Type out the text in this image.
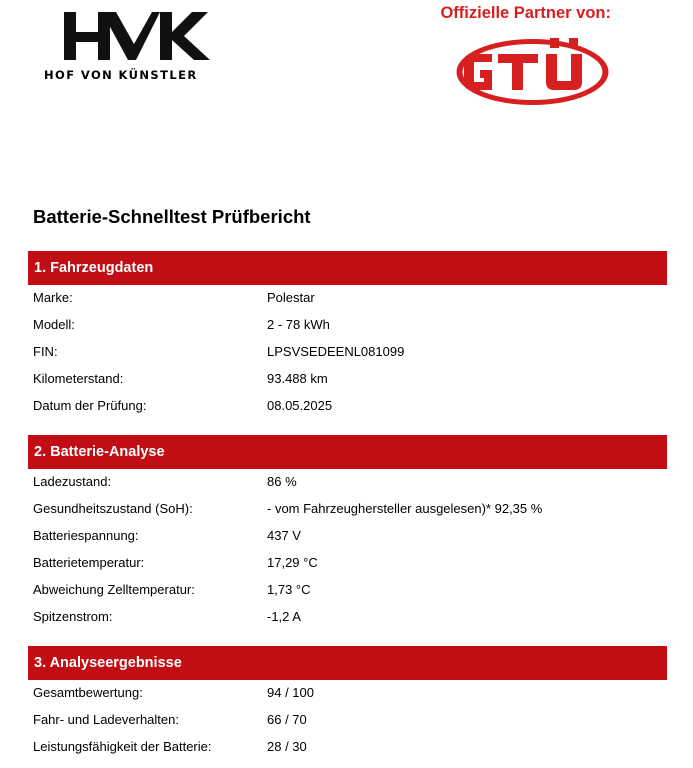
HOF VON KÜNSTLER
Offizielle Partner von:
GTÜ
Batterie-Schnelltest Prüfbericht
1. Fahrzeugdaten
Marke:	Polestar
Modell:	2 - 78 kWh
FIN:	LPSVSEDEENL081099
Kilometerstand:	93.488 km
Datum der Prüfung:	08.05.2025
2. Batterie-Analyse
Ladezustand:	86 %
Gesundheitszustand (SoH):	- vom Fahrzeughersteller ausgelesen)* 92,35 %
Batteriespannung:	437 V
Batterietemperatur:	17,29 °C
Abweichung Zelltemperatur:	1,73 °C
Spitzenstrom:	-1,2 A
3. Analyseergebnisse
Gesamtbewertung:	94 / 100
Fahr- und Ladeverhalten:	66 / 70
Leistungsfähigkeit der Batterie:	28 / 30
